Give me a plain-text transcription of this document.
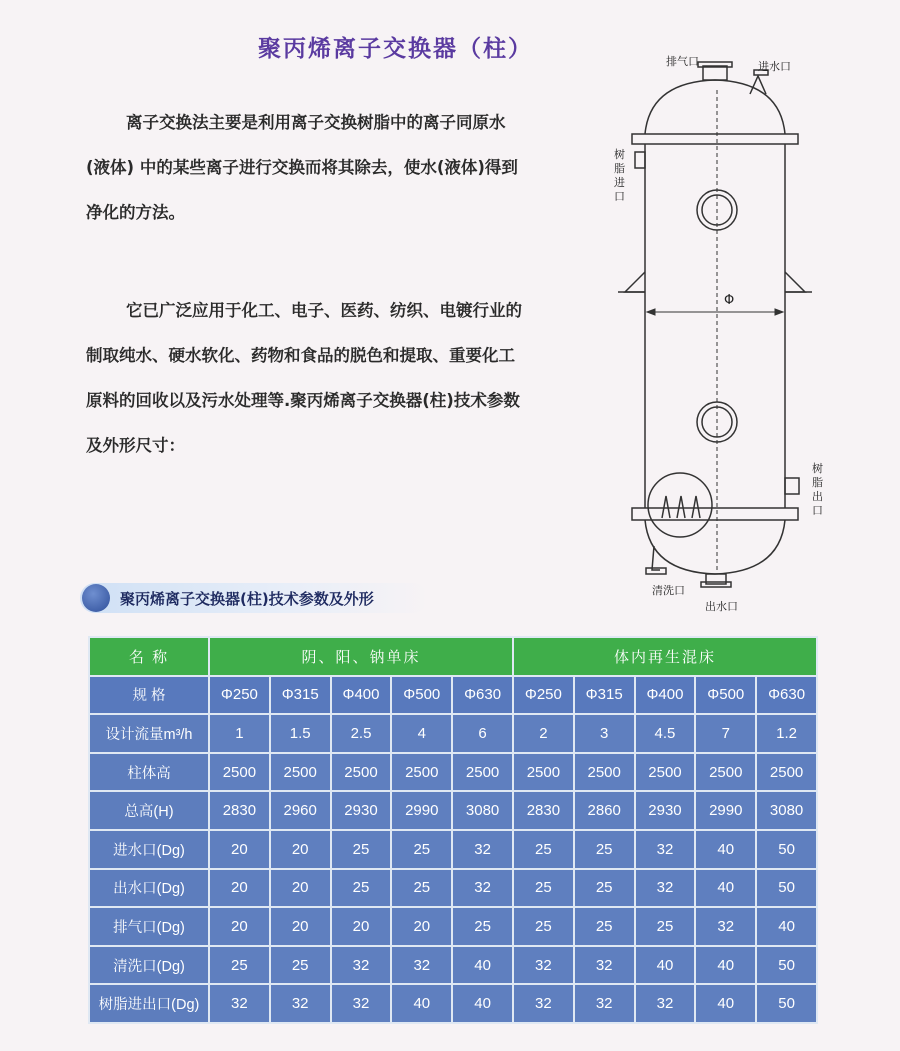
聚丙烯离子交换器（柱）
离子交换法主要是利用离子交换树脂中的离子同原水 (液体) 中的某些离子进行交换而将其除去，使水(液体)得到净化的方法。
它已广泛应用于化工、电子、医药、纺织、电镀行业的制取纯水、硬水软化、药物和食品的脱色和提取、重要化工原料的回收以及污水处理等.聚丙烯离子交换器(柱)技术参数及外形尺寸：
排气口	进水口
树
脂
进
口
Φ
树
脂
出
口
清洗口
出水口
聚丙烯离子交换器(柱)技术参数及外形
名 称	阴、阳、钠单床					体内再生混床				
规 格	Φ250	Φ315	Φ400	Φ500	Φ630	Φ250	Φ315	Φ400	Φ500	Φ630
设计流量m³/h	1	1.5	2.5	4	6	2	3	4.5	7	1.2
柱体高	2500	2500	2500	2500	2500	2500	2500	2500	2500	2500
总高(H)	2830	2960	2930	2990	3080	2830	2860	2930	2990	3080
进水口(Dg)	20	20	25	25	32	25	25	32	40	50
出水口(Dg)	20	20	25	25	32	25	25	32	40	50
排气口(Dg)	20	20	20	20	25	25	25	25	32	40
清洗口(Dg)	25	25	32	32	40	32	32	40	40	50
树脂进出口(Dg)	32	32	32	40	40	32	32	32	40	50
